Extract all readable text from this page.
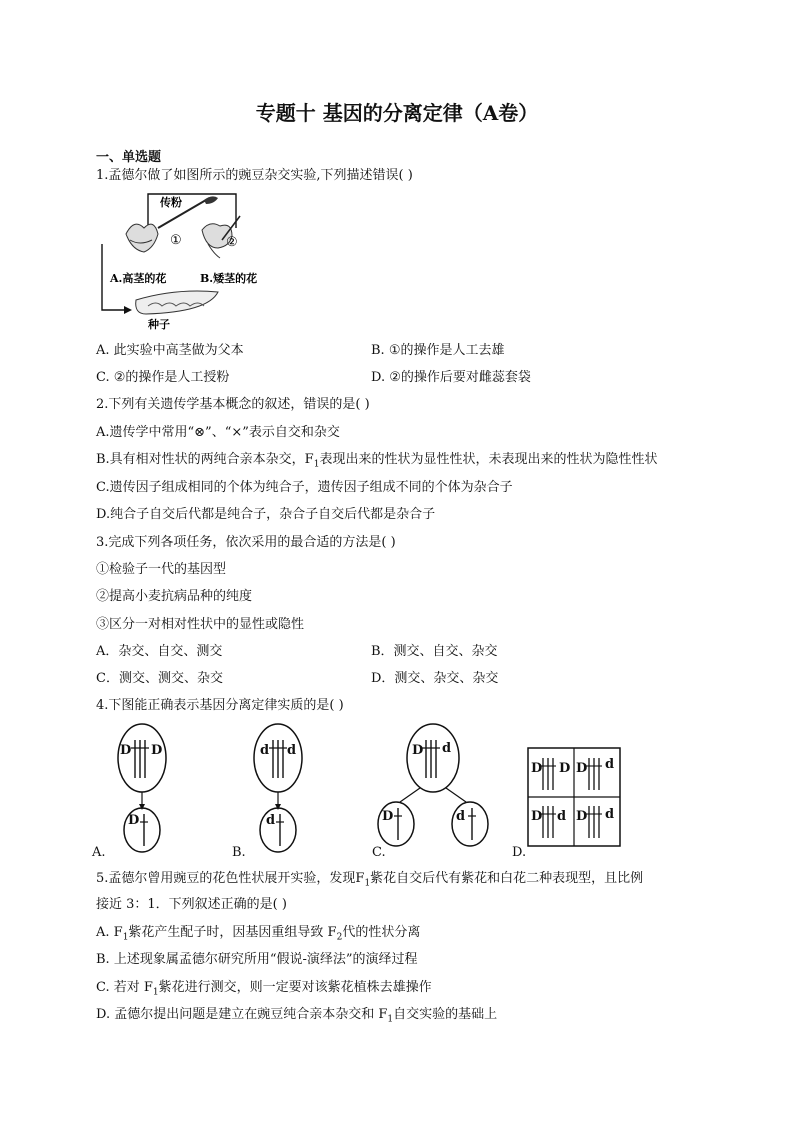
专题十 基因的分离定律（A卷）
一、单选题
1.孟德尔做了如图所示的豌豆杂交实验,下列描述错误( )
传粉
①	②
A.高茎的花	B.矮茎的花
种子
A. 此实验中高茎做为父本	B. ①的操作是人工去雄
C. ②的操作是人工授粉	D. ②的操作后要对雌蕊套袋
2.下列有关遗传学基本概念的叙述，错误的是( )
A.遗传学中常用“⊗”、“×”表示自交和杂交
B.具有相对性状的两纯合亲本杂交，$F_1$表现出来的性状为显性性状，未表现出来的性状为隐性性状
C.遗传因子组成相同的个体为纯合子，遗传因子组成不同的个体为杂合子
D.纯合子自交后代都是纯合子，杂合子自交后代都是杂合子
3.完成下列各项任务，依次采用的最合适的方法是( )
①检验子一代的基因型
②提高小麦抗病品种的纯度
③区分一对相对性状中的显性或隐性
A．杂交、自交、测交	B．测交、自交、杂交
C．测交、测交、杂交	D．测交、杂交、杂交
4.下图能正确表示基因分离定律实质的是( )
D D
D
A.
d d
d
B.
D d
D	d
C.
D D D d
D d D d
D.
5.孟德尔曾用豌豆的花色性状展开实验，发现$F_1$紫花自交后代有紫花和白花二种表现型，且比例
接近 3：1．下列叙述正确的是( )
A. $F_1$紫花产生配子时，因基因重组导致 $F_2$代的性状分离
B. 上述现象属孟德尔研究所用“假说-演绎法”的演绎过程
C. 若对 $F_1$紫花进行测交，则一定要对该紫花植株去雄操作
D. 孟德尔提出问题是建立在豌豆纯合亲本杂交和 $F_1$自交实验的基础上
